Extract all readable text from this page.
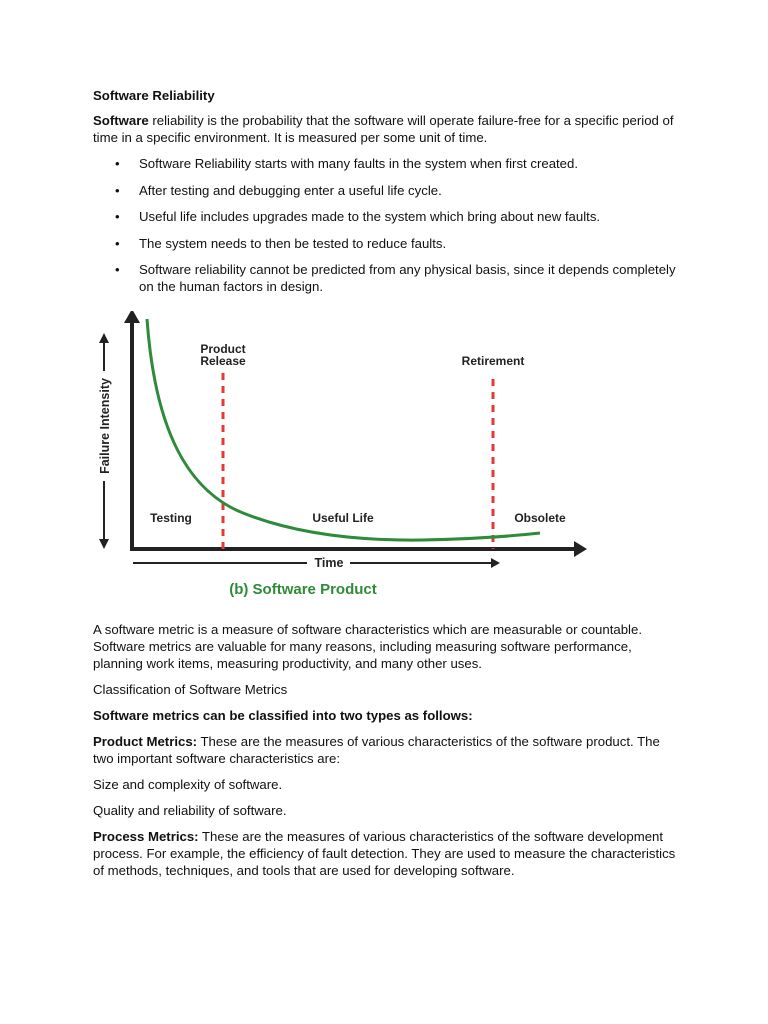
Software Reliability

Software reliability is the probability that the software will operate failure-free for a specific period of time in a specific environment. It is measured per some unit of time.

• Software Reliability starts with many faults in the system when first created.
• After testing and debugging enter a useful life cycle.
• Useful life includes upgrades made to the system which bring about new faults.
• The system needs to then be tested to reduce faults.
• Software reliability cannot be predicted from any physical basis, since it depends completely on the human factors in design.
Failure Intensity
Time
Product
Release	Retirement
Testing	Useful Life	Obsolete
(b) Software Product

A software metric is a measure of software characteristics which are measurable or countable. Software metrics are valuable for many reasons, including measuring software performance, planning work items, measuring productivity, and many other uses.

Classification of Software Metrics

Software metrics can be classified into two types as follows:

Product Metrics: These are the measures of various characteristics of the software product. The two important software characteristics are:

Size and complexity of software.

Quality and reliability of software.

Process Metrics: These are the measures of various characteristics of the software development process. For example, the efficiency of fault detection. They are used to measure the characteristics of methods, techniques, and tools that are used for developing software.
